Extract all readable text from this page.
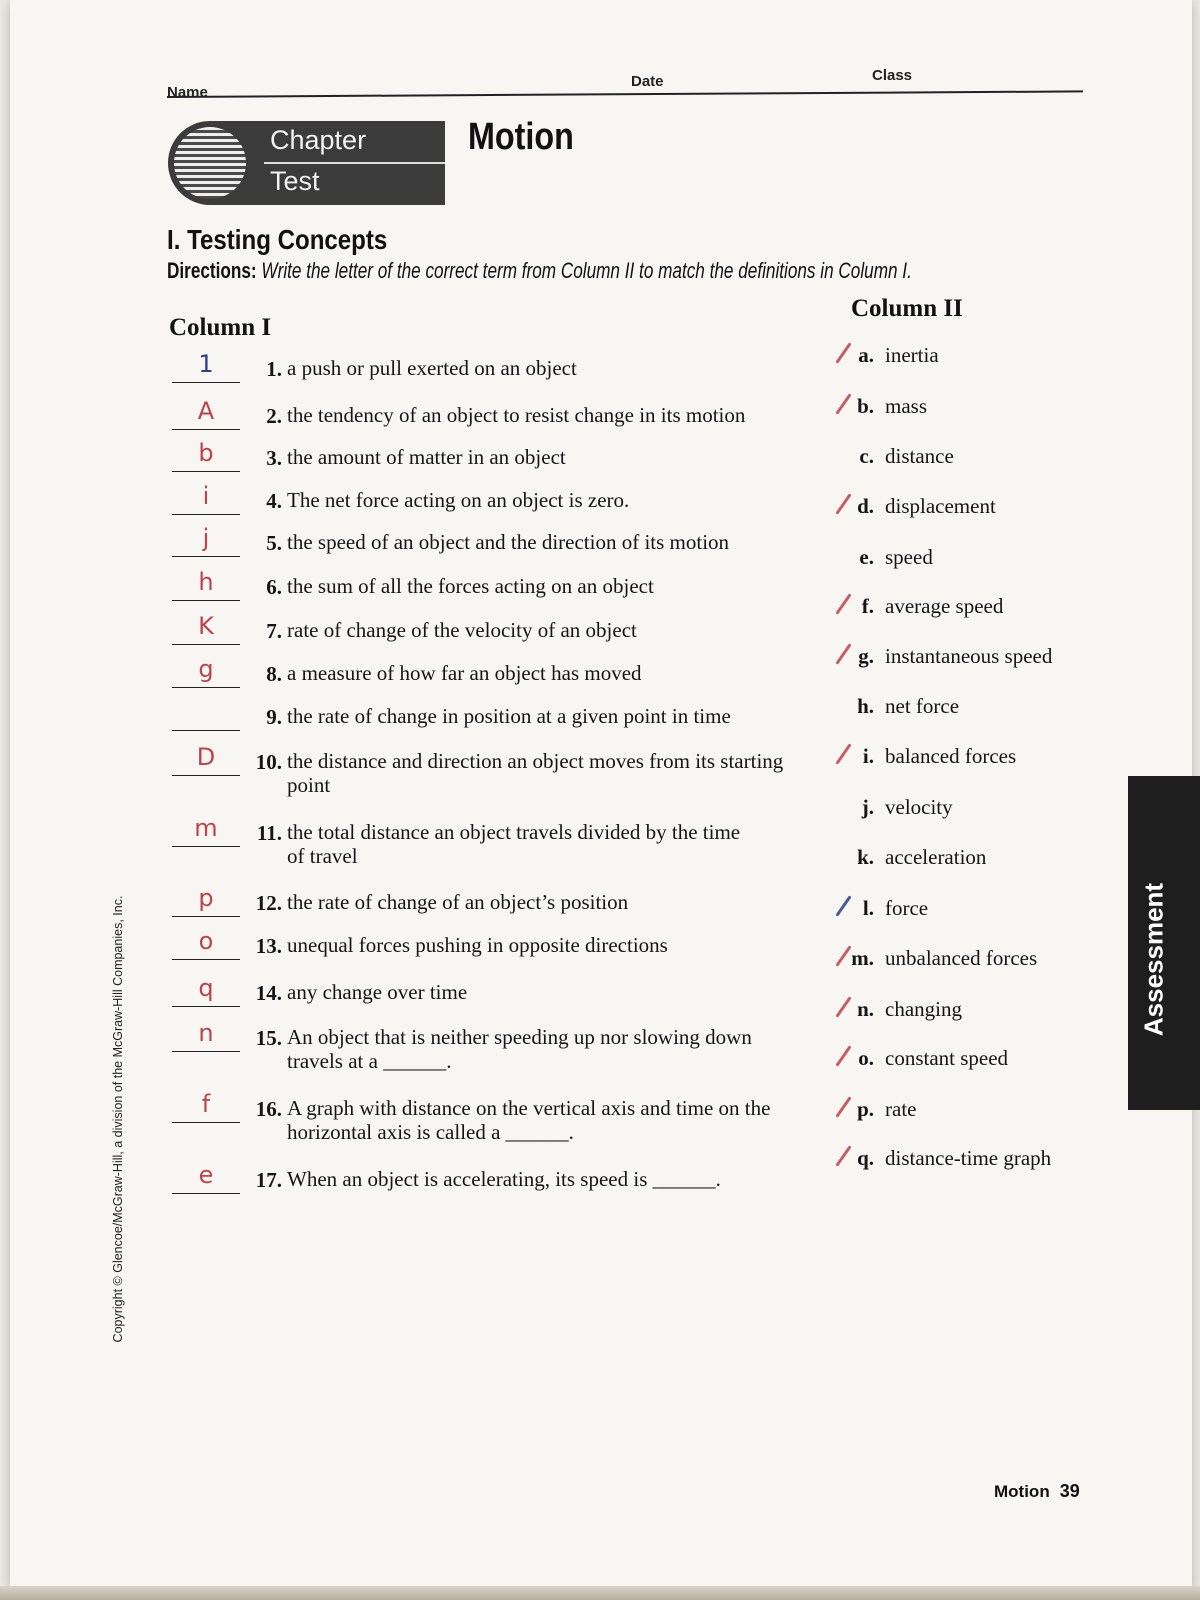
Name
Date	Class
Chapter
Test
Motion
I. Testing Concepts
Directions: Write the letter of the correct term from Column II to match the definitions in Column I.
Column I
Column II
1	1. a push or pull exerted on an object
A	2. the tendency of an object to resist change in its motion
b	3. the amount of matter in an object
i	4. The net force acting on an object is zero.
j	5. the speed of an object and the direction of its motion
h	6. the sum of all the forces acting on an object
K	7. rate of change of the velocity of an object
g	8. a measure of how far an object has moved
9. the rate of change in position at a given point in time
D	10. the distance and direction an object moves from its starting point
m	11. the total distance an object travels divided by the time of travel
p	12. the rate of change of an object’s position
o	13. unequal forces pushing in opposite directions
q	14. any change over time
n	15. An object that is neither speeding up nor slowing down travels at a ______.
f	16. A graph with distance on the vertical axis and time on the horizontal axis is called a ______.
e	17. When an object is accelerating, its speed is ______.
a. inertia
b. mass
c. distance
d. displacement
e. speed
f. average speed
g. instantaneous speed
h. net force
i. balanced forces
j. velocity
k. acceleration
l. force
m. unbalanced forces
n. changing
o. constant speed
p. rate
q. distance-time graph
Assessment
Copyright © Glencoe/McGraw-Hill, a division of the McGraw-Hill Companies, Inc.
Motion 39
